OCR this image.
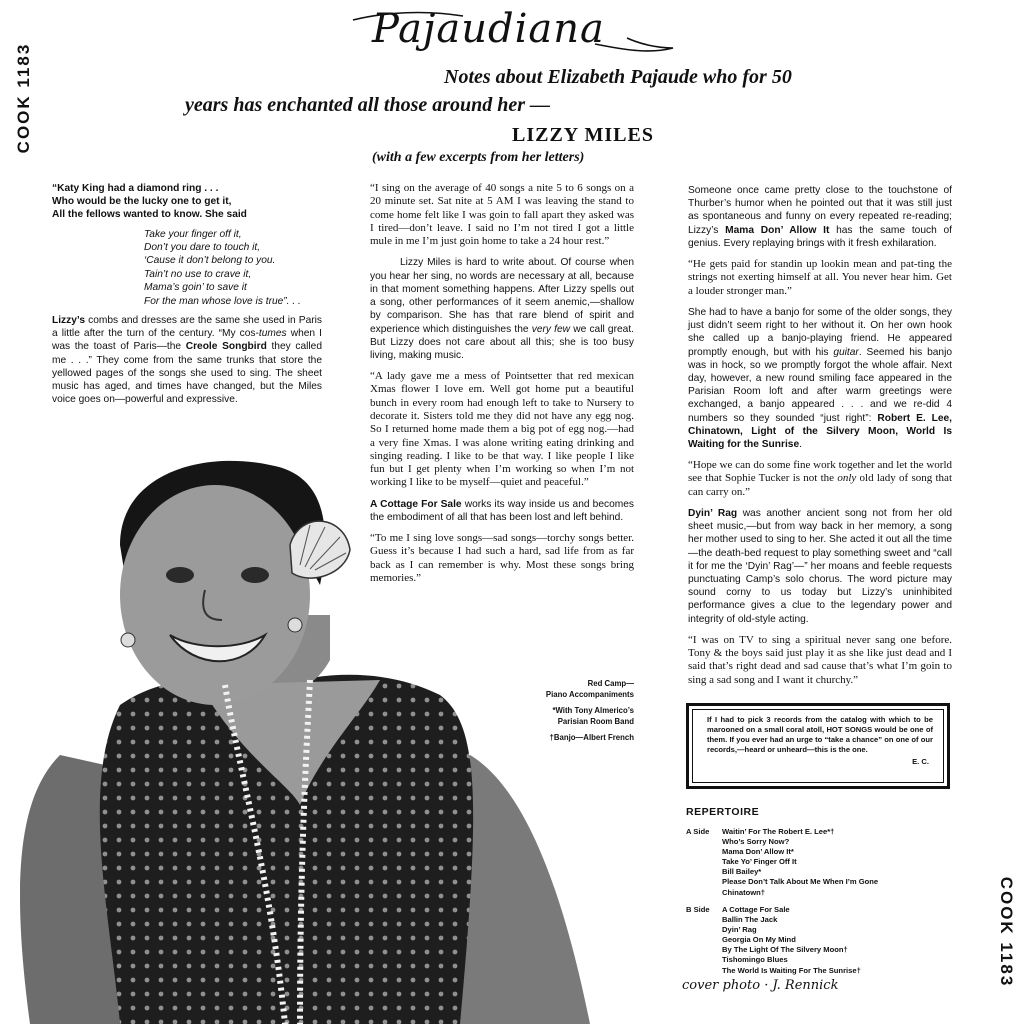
COOK 1183
COOK 1183
Pajaudiana
Notes about Elizabeth Pajaude who for 50
years has enchanted all those around her —
LIZZY MILES
(with a few excerpts from her letters)
“Katy King had a diamond ring . . .
Who would be the lucky one to get it,
All the fellows wanted to know. She said
Take your finger off it,
Don’t you dare to touch it,
‘Cause it don’t belong to you.
Tain’t no use to crave it,
Mama’s goin’ to save it
For the man whose love is true”. . .

Lizzy’s combs and dresses are the same she used in Paris a little after the turn of the century. “My cos-tumes when I was the toast of Paris—the Creole Songbird they called me . . .” They come from the same trunks that store the yellowed pages of the songs she used to sing. The sheet music has aged, and times have changed, but the Miles voice goes on—powerful and expressive.

“I sing on the average of 40 songs a nite 5 to 6 songs on a 20 minute set. Sat nite at 5 AM I was leaving the stand to come home felt like I was goin to fall apart they asked was I tired—don’t leave. I said no I’m not tired I got a little mule in me I’m just goin home to take a 24 hour rest.”

Lizzy Miles is hard to write about. Of course when you hear her sing, no words are necessary at all, because in that moment something happens. After Lizzy spells out a song, other performances of it seem anemic,—shallow by comparison. She has that rare blend of spirit and experience which distinguishes the very few we call great. But Lizzy does not care about all this; she is too busy living, making music.

“A lady gave me a mess of Pointsetter that red mexican Xmas flower I love em. Well got home put a beautiful bunch in every room had enough left to take to Nursery to decorate it. Sisters told me they did not have any egg nog. So I returned home made them a big pot of egg nog.—had a very fine Xmas. I was alone writing eating drinking and singing reading. I like to be that way. I like people I like fun but I get plenty when I’m working so when I’m not working I like to be myself—quiet and peaceful.”

A Cottage For Sale works its way inside us and becomes the embodiment of all that has been lost and left behind.

“To me I sing love songs—sad songs—torchy songs better. Guess it’s because I had such a hard, sad life from as far back as I can remember is why. Most these songs bring memories.”

Red Camp—
Piano Accompaniments
*With Tony Almerico’s
Parisian Room Band
†Banjo—Albert French

Someone once came pretty close to the touchstone of Thurber’s humor when he pointed out that it was still just as spontaneous and funny on every repeated re-reading; Lizzy’s Mama Don’ Allow It has the same touch of genius. Every replaying brings with it fresh exhilaration.

“He gets paid for standin up lookin mean and pat-ting the strings not exerting himself at all. You never hear him. Get a louder stronger man.”

She had to have a banjo for some of the older songs, they just didn’t seem right to her without it. On her own hook she called up a banjo-playing friend. He appeared promptly enough, but with his guitar. Seemed his banjo was in hock, so we promptly forgot the whole affair. Next day, however, a new round smiling face appeared in the Parisian Room loft and after warm greetings were exchanged, a banjo appeared . . . and we re-did 4 numbers so they sounded “just right”: Robert E. Lee, Chinatown, Light of the Silvery Moon, World Is Waiting for the Sunrise.

“Hope we can do some fine work together and let the world see that Sophie Tucker is not the only old lady of song that can carry on.”

Dyin’ Rag was another ancient song not from her old sheet music,—but from way back in her memory, a song her mother used to sing to her. She acted it out all the time—the death-bed request to play something sweet and “call it for me the ‘Dyin’ Rag’—” her moans and feeble requests punctuating Camp’s solo chorus. The word picture may sound corny to us today but Lizzy’s uninhibited performance gives a clue to the legendary power and integrity of old-style acting.

“I was on TV to sing a spiritual never sang one before. Tony & the boys said just play it as she like just dead and I said that’s right dead and sad cause that’s what I’m goin to sing a sad song and I want it churchy.”

If I had to pick 3 records from the catalog with which to be marooned on a small coral atoll, HOT SONGS would be one of them. If you ever had an urge to “take a chance” on one of our records,—heard or unheard—this is the one.
E. C.
REPERTOIRE
A Side Waitin’ For The Robert E. Lee*†
Who’s Sorry Now?
Mama Don’ Allow It*
Take Yo’ Finger Off It
Bill Bailey*
Please Don’t Talk About Me When I’m Gone
Chinatown†
B Side A Cottage For Sale
Ballin The Jack
Dyin’ Rag
Georgia On My Mind
By The Light Of The Silvery Moon†
Tishomingo Blues
The World Is Waiting For The Sunrise†
cover photo · J. Rennick
